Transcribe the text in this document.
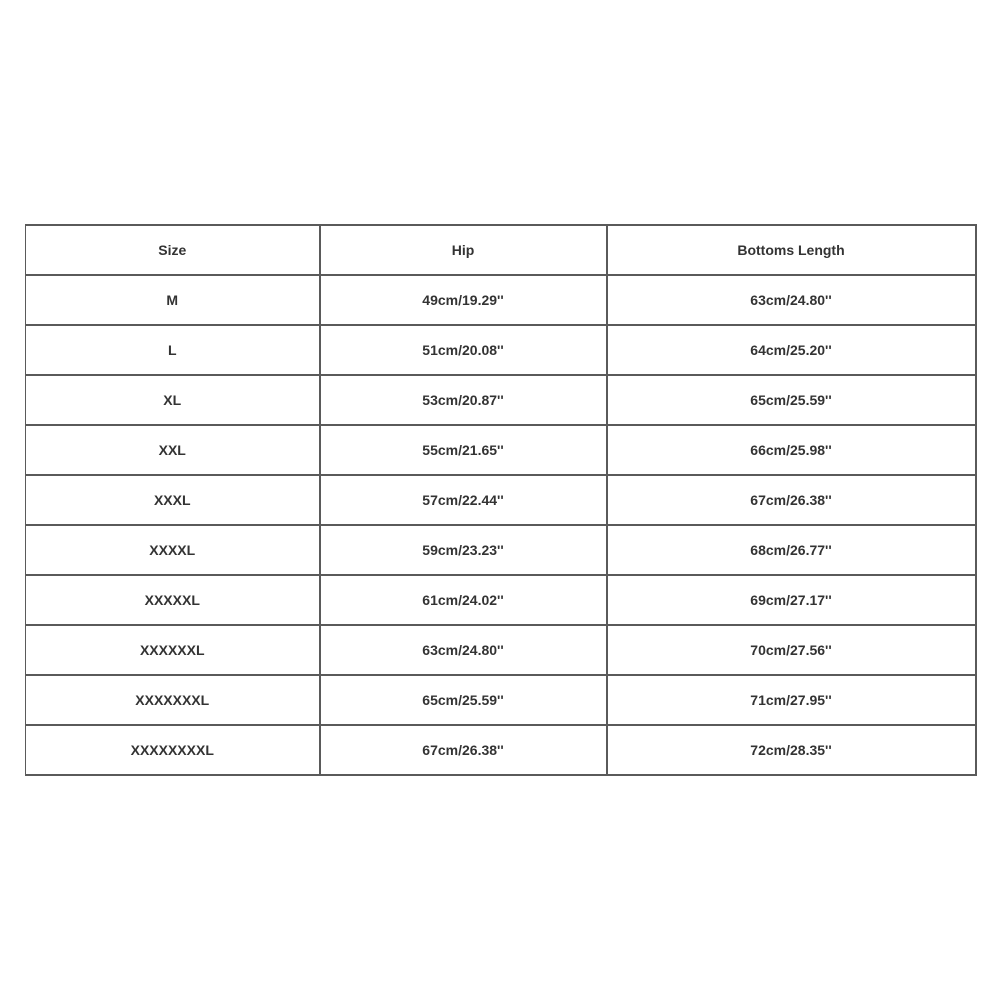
Size	Hip	Bottoms Length
M	49cm/19.29''	63cm/24.80''
L	51cm/20.08''	64cm/25.20''
XL	53cm/20.87''	65cm/25.59''
XXL	55cm/21.65''	66cm/25.98''
XXXL	57cm/22.44''	67cm/26.38''
XXXXL	59cm/23.23''	68cm/26.77''
XXXXXL	61cm/24.02''	69cm/27.17''
XXXXXXL	63cm/24.80''	70cm/27.56''
XXXXXXXL	65cm/25.59''	71cm/27.95''
XXXXXXXXL	67cm/26.38''	72cm/28.35''
